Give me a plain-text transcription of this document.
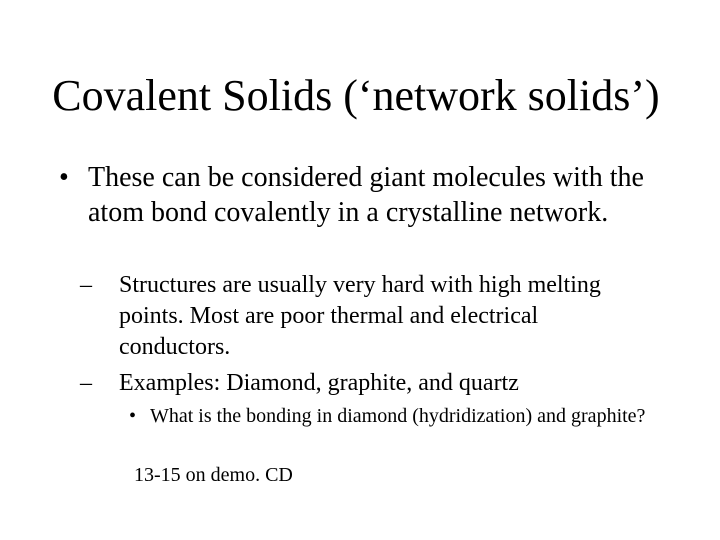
Covalent Solids (‘network solids’)
• These can be considered giant molecules with the atom bond covalently in a crystalline network.
–	Structures are usually very hard with high melting points. Most are poor thermal and electrical conductors.
–	Examples: Diamond, graphite, and quartz
• What is the bonding in diamond (hydridization) and graphite?
13-15 on demo. CD
